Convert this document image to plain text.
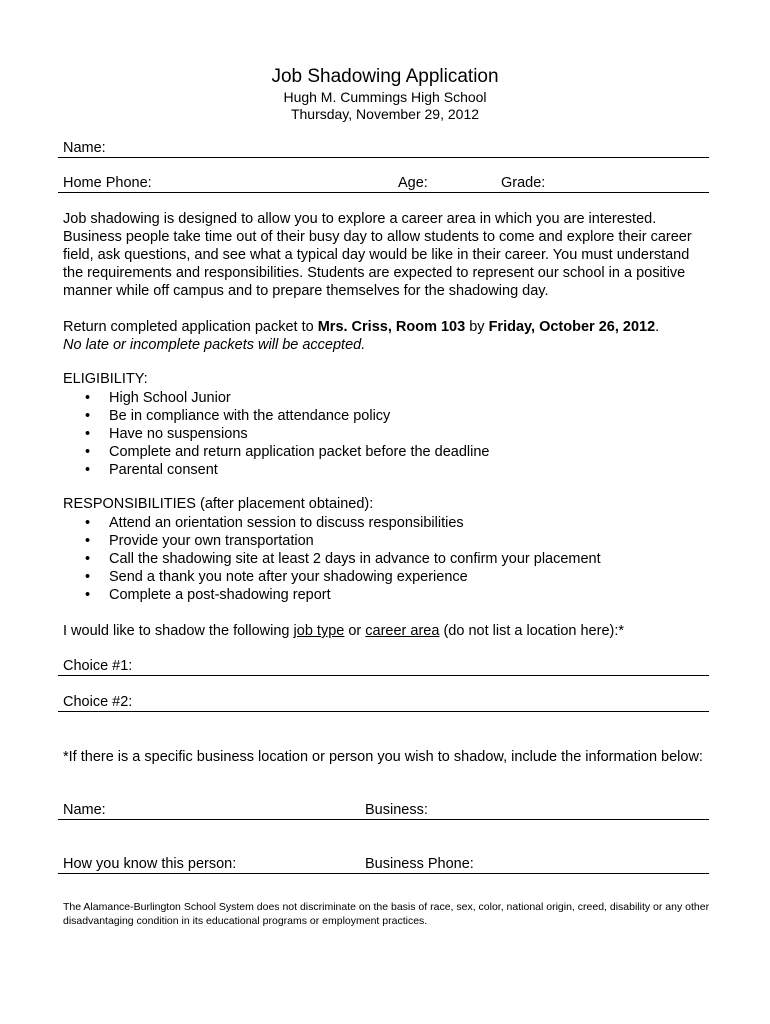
Job Shadowing Application
Hugh M. Cummings High School
Thursday, November 29, 2012
Name:
Home Phone:	Age:	Grade:

Job shadowing is designed to allow you to explore a career area in which you are interested. Business people take time out of their busy day to allow students to come and explore their career field, ask questions, and see what a typical day would be like in their career. You must understand the requirements and responsibilities. Students are expected to represent our school in a positive manner while off campus and to prepare themselves for the shadowing day.

Return completed application packet to Mrs. Criss, Room 103 by Friday, October 26, 2012.
No late or incomplete packets will be accepted.

ELIGIBILITY:
• High School Junior
• Be in compliance with the attendance policy
• Have no suspensions
• Complete and return application packet before the deadline
• Parental consent
RESPONSIBILITIES (after placement obtained):
• Attend an orientation session to discuss responsibilities
• Provide your own transportation
• Call the shadowing site at least 2 days in advance to confirm your placement
• Send a thank you note after your shadowing experience
• Complete a post-shadowing report

I would like to shadow the following job type or career area (do not list a location here):*

Choice #1:
Choice #2:

*If there is a specific business location or person you wish to shadow, include the information below:

Name:	Business:
How you know this person:	Business Phone:
The Alamance-Burlington School System does not discriminate on the basis of race, sex, color, national origin, creed, disability or any other disadvantaging condition in its educational programs or employment practices.
